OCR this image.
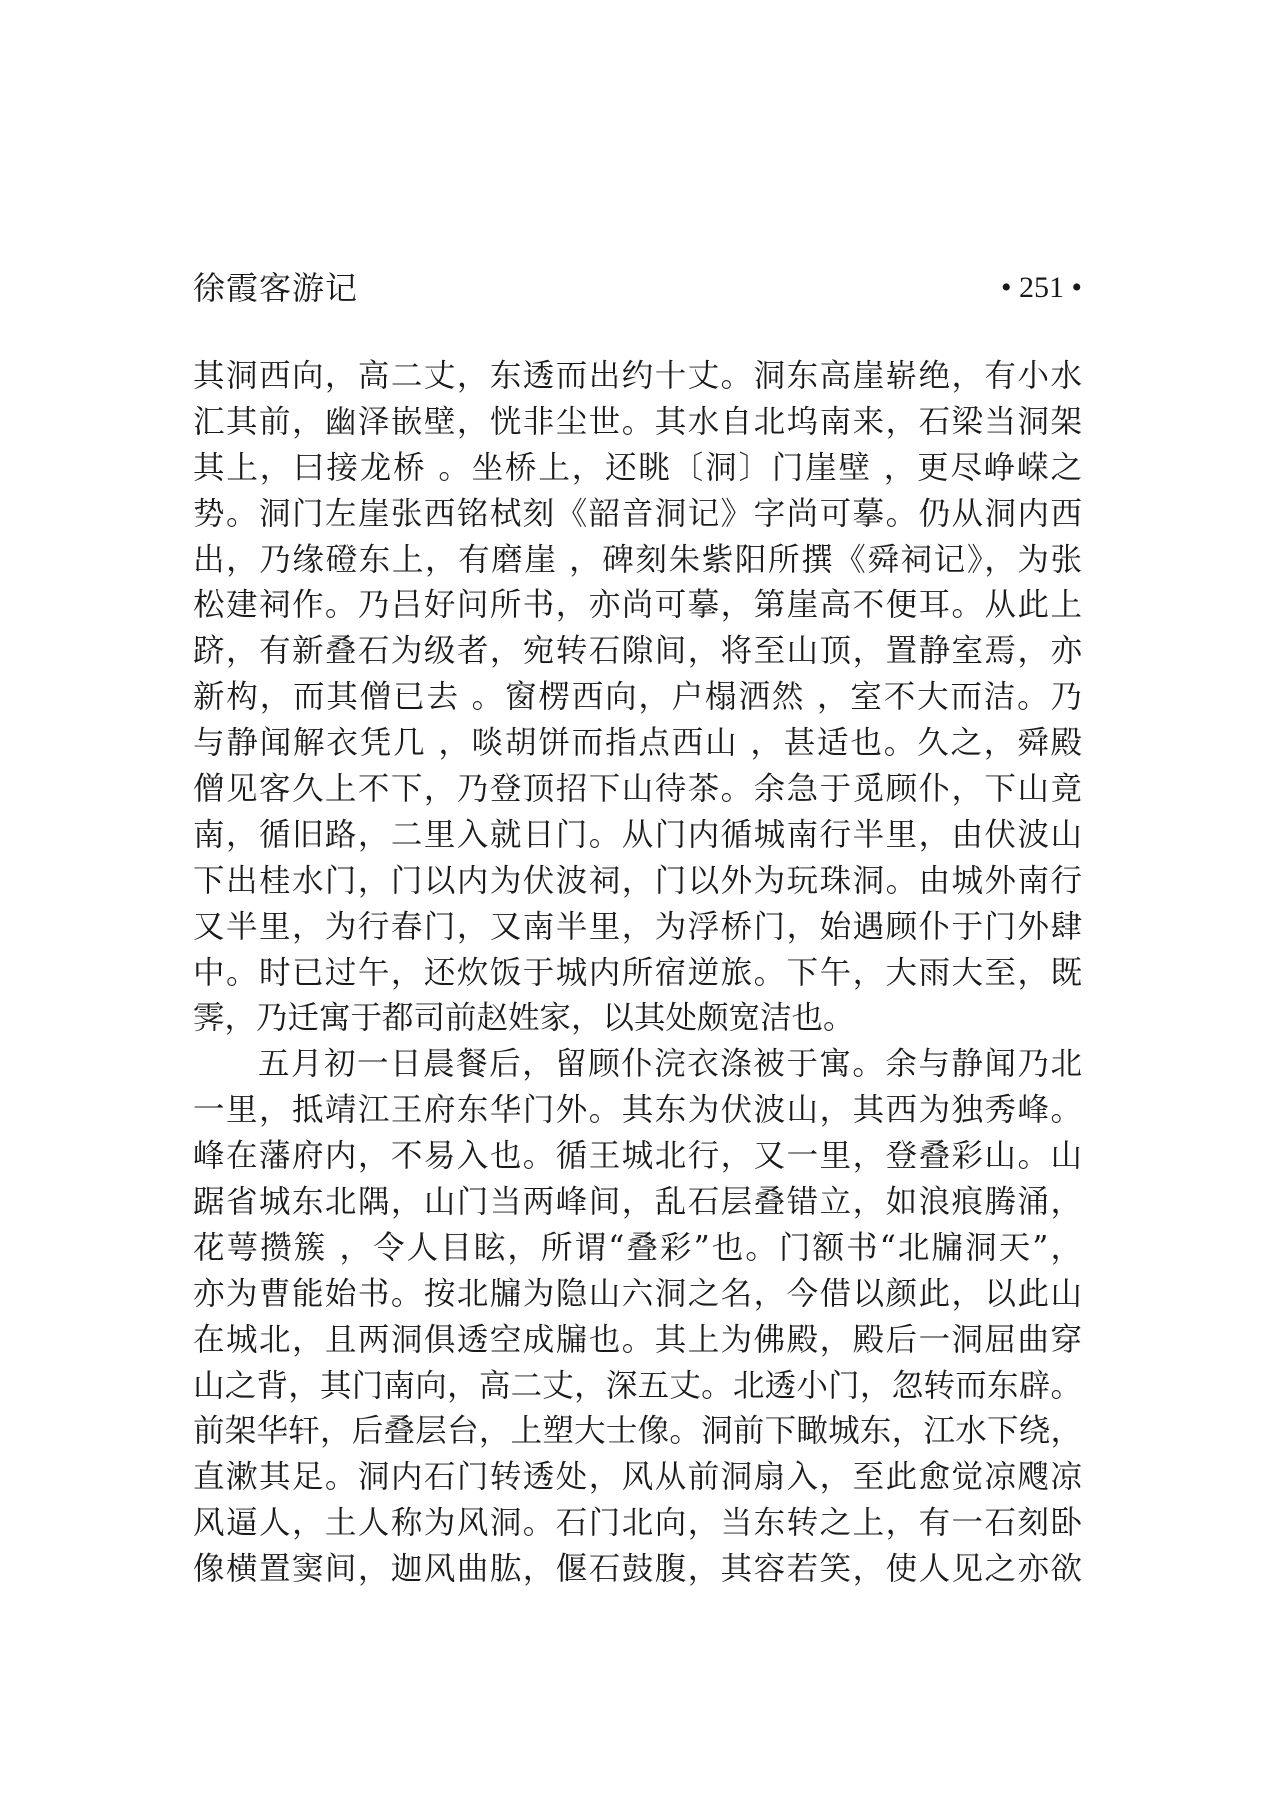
徐霞客游记	• 251 •
其洞西向，高二丈，东透而出约十丈。洞东高崖崭绝，有小水
汇其前，幽泽嵌壁，恍非尘世。其水自北坞南来，石梁当洞架
其上，曰接龙桥 。坐桥上，还眺〔洞〕门崖壁 ，更尽峥嵘之
势。洞门左崖张西铭栻刻《韶音洞记》字尚可摹。仍从洞内西
出，乃缘磴东上，有磨崖 ，碑刻朱紫阳所撰《舜祠记》，为张
松建祠作。乃吕好问所书，亦尚可摹，第崖高不便耳。从此上
跻，有新叠石为级者，宛转石隙间，将至山顶，置静室焉，亦
新构，而其僧已去 。窗楞西向，户榻洒然 ，室不大而洁。乃
与静闻解衣凭几 ，啖胡饼而指点西山 ，甚适也。久之，舜殿
僧见客久上不下，乃登顶招下山待茶。余急于觅顾仆，下山竟
南，循旧路，二里入就日门。从门内循城南行半里，由伏波山
下出桂水门，门以内为伏波祠，门以外为玩珠洞。由城外南行
又半里，为行春门，又南半里，为浮桥门，始遇顾仆于门外肆
中。时已过午，还炊饭于城内所宿逆旅。下午，大雨大至，既
霁，乃迁寓于都司前赵姓家，以其处颇宽洁也。
五月初一日晨餐后，留顾仆浣衣涤被于寓。余与静闻乃北
一里，抵靖江王府东华门外。其东为伏波山，其西为独秀峰。
峰在藩府内，不易入也。循王城北行，又一里，登叠彩山。山
踞省城东北隅，山门当两峰间，乱石层叠错立，如浪痕腾涌，
花萼攒簇 ，令人目眩，所谓“叠彩”也。门额书“北牖洞天”，
亦为曹能始书。按北牖为隐山六洞之名，今借以颜此，以此山
在城北，且两洞俱透空成牖也。其上为佛殿，殿后一洞屈曲穿
山之背，其门南向，高二丈，深五丈。北透小门，忽转而东辟。
前架华轩，后叠层台，上塑大士像。洞前下瞰城东，江水下绕，
直漱其足。洞内石门转透处，风从前洞扇入，至此愈觉凉飕凉
风逼人，土人称为风洞。石门北向，当东转之上，有一石刻卧
像横置窦间，迦风曲肱，偃石鼓腹，其容若笑，使人见之亦欲
